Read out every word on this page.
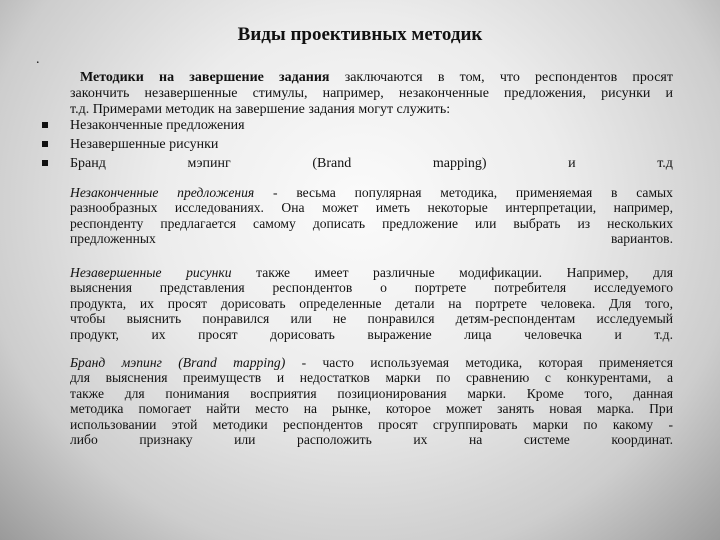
Виды проективных методик
.
Методики на завершение задания заключаются в том, что респондентов просят
закончить незавершенные стимулы, например, незаконченные предложения, рисунки и
т.д. Примерами методик на завершение задания могут служить:
Незаконченные предложения
Незавершенные рисунки
Бранд	мэпинг	(Brand	mapping)	и	т.д
Незаконченные предложения - весьма популярная методика, применяемая в самых
разнообразных исследованиях. Она может иметь некоторые интерпретации, например,
респонденту предлагается самому дописать предложение или выбрать из нескольких
предложенных	вариантов.
Незавершенные рисунки также имеет различные модификации. Например, для
выяснения представления респондентов о портрете потребителя исследуемого
продукта, их просят дорисовать определенные детали на портрете человека. Для того,
чтобы выяснить понравился или не понравился детям-респондентам исследуемый
продукт, их просят дорисовать выражение лица человечка и т.д.
Бранд мэпинг (Brand mapping) - часто используемая методика, которая применяется
для выяснения преимуществ и недостатков марки по сравнению с конкурентами, а
также для понимания восприятия позиционирования марки. Кроме того, данная
методика помогает найти место на рынке, которое может занять новая марка. При
использовании этой методики респондентов просят сгруппировать марки по какому -
либо признаку или расположить их на системе координат.
